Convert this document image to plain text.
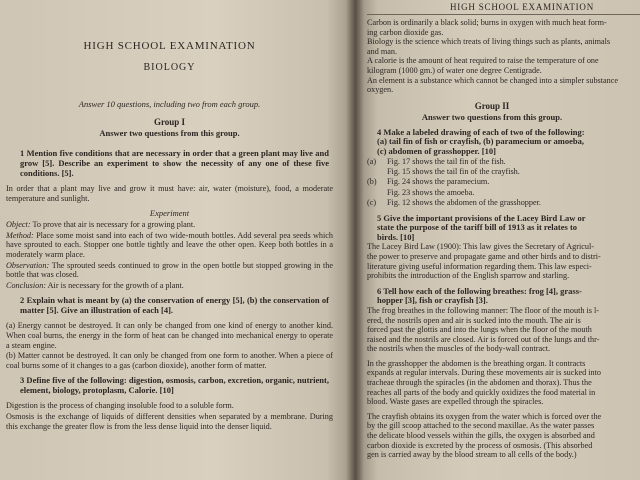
HIGH SCHOOL EXAMINATION
BIOLOGY
Answer 10 questions, including two from each group.
Group I
Answer two questions from this group.
1 Mention five conditions that are necessary in order that a green plant may live and grow [5]. Describe an experiment to show the necessity of any one of these five conditions. [5].
In order that a plant may live and grow it must have: air, water (moisture), food, a moderate temperature and sunlight.
Experiment
Object: To prove that air is necessary for a growing plant.
Method: Place some moist sand into each of two wide-mouth bottles. Add several pea seeds which have sprouted to each. Stopper one bottle tightly and leave the other open. Keep both bottles in a moderately warm place.
Observation: The sprouted seeds continued to grow in the open bottle but stopped growing in the bottle that was closed.
Conclusion: Air is necessary for the growth of a plant.
2 Explain what is meant by (a) the conservation of energy [5], (b) the conservation of matter [5]. Give an illustration of each [4].
(a) Energy cannot be destroyed. It can only be changed from one kind of energy to another kind. When coal burns, the energy in the form of heat can be changed into mechanical energy to operate a steam engine.
(b) Matter cannot be destroyed. It can only be changed from one form to another. When a piece of coal burns some of it changes to a gas (carbon dioxide), another form of matter.
3 Define five of the following: digestion, osmosis, carbon, excretion, organic, nutrient, element, biology, protoplasm, Calorie. [10]
Digestion is the process of changing insoluble food to a soluble form.
Osmosis is the exchange of liquids of different densities when separated by a membrane. During this exchange the greater flow is from the less dense liquid into the denser liquid.
HIGH SCHOOL EXAMINATION
Carbon is ordinarily a black solid; burns in oxygen with much heat form-
ing carbon dioxide gas.
Biology is the science which treats of living things such as plants, animals
and man.
A calorie is the amount of heat required to raise the temperature of one
kilogram (1000 gm.) of water one degree Centigrade.
An element is a substance which cannot be changed into a simpler substance
oxygen.
Group II
Answer two questions from this group.
4 Make a labeled drawing of each of two of the following:
(a) tail fin of fish or crayfish, (b) paramecium or amoeba,
(c) abdomen of grasshopper. [10]
(a)	Fig. 17 shows the tail fin of the fish.
Fig. 15 shows the tail fin of the crayfish.
(b)	Fig. 24 shows the paramecium.
Fig. 23 shows the amoeba.
(c)	Fig. 12 shows the abdomen of the grasshopper.
5 Give the important provisions of the Lacey Bird Law or
state the purpose of the tariff bill of 1913 as it relates to
birds. [10]
The Lacey Bird Law (1900): This law gives the Secretary of Agricul-
the power to preserve and propagate game and other birds and to distri-
literature giving useful information regarding them. This law especi-
prohibits the introduction of the English sparrow and starling.
6 Tell how each of the following breathes: frog [4], grass-
hopper [3], fish or crayfish [3].
The frog breathes in the following manner: The floor of the mouth is l-
ered, the nostrils open and air is sucked into the mouth. The air is
forced past the glottis and into the lungs when the floor of the mouth
raised and the nostrils are closed. Air is forced out of the lungs and thr-
the nostrils when the muscles of the body-wall contract.
In the grasshopper the abdomen is the breathing organ. It contracts
expands at regular intervals. During these movements air is sucked into
tracheae through the spiracles (in the abdomen and thorax). Thus the
reaches all parts of the body and quickly oxidizes the food material in
blood. Waste gases are expelled through the spiracles.
The crayfish obtains its oxygen from the water which is forced over the
by the gill scoop attached to the second maxillae. As the water passes
the delicate blood vessels within the gills, the oxygen is absorbed and
carbon dioxide is excreted by the process of osmosis. (This absorbed
gen is carried away by the blood stream to all cells of the body.)
